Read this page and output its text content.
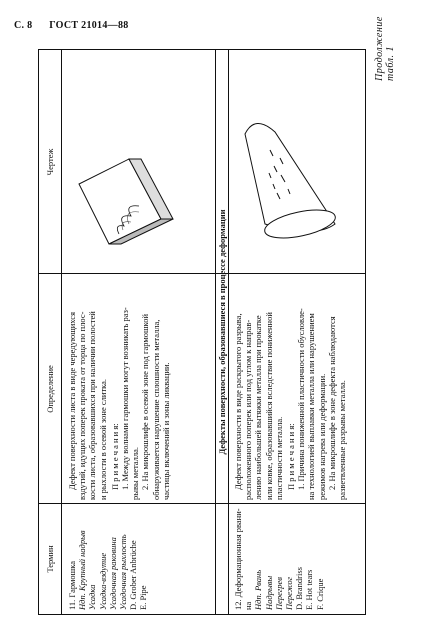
С. 8 ГОСТ 21014—88	Продолжение табл. 1
Термин
Определение
Чертеж

11. Гармошка Ндп. Крупный надрыв Усадка Усадка-вздутие Усадочная раковина Усадочная рыхлость D. Grober Anbrüche E. Pipe

Дефект поверхности листа в виде чередующихся вздутий, идущих поперек проката от торца по плос- кости листа, образовавшихся при наличии полостей и рыхлости в осевой зоне слитка. П р и м е ч а н и я: 1. Между волнами гармошки могут возникать раз- рывы металла. 2. На микрошлифе в осевой зоне под гармошкой обнаруживается нарушение сплошности металла, частицы включений и зоны ликвации.	Дефекты поверхности, образовавшиеся в процессе деформации

12. Деформационная рвани- на Ндп. Рвань Надрывы Перегрев Пережог D. Brandriss E. Hot tears F. Crique

Дефект поверхности в виде раскрытого разрыва, расположенного поперек или под углом к направ- лению наибольшей вытяжки металла при прокатке или ковке, образовавшийся вследствие пониженной пластичности металла. П р и м е ч а н и я: 1. Причина пониженной пластичности обусловле- на технологией выплавки металла или нарушением режимов нагрева или деформации. 2. На микрошлифе в зоне дефекта наблюдаются разветвленные разрывы металла.
